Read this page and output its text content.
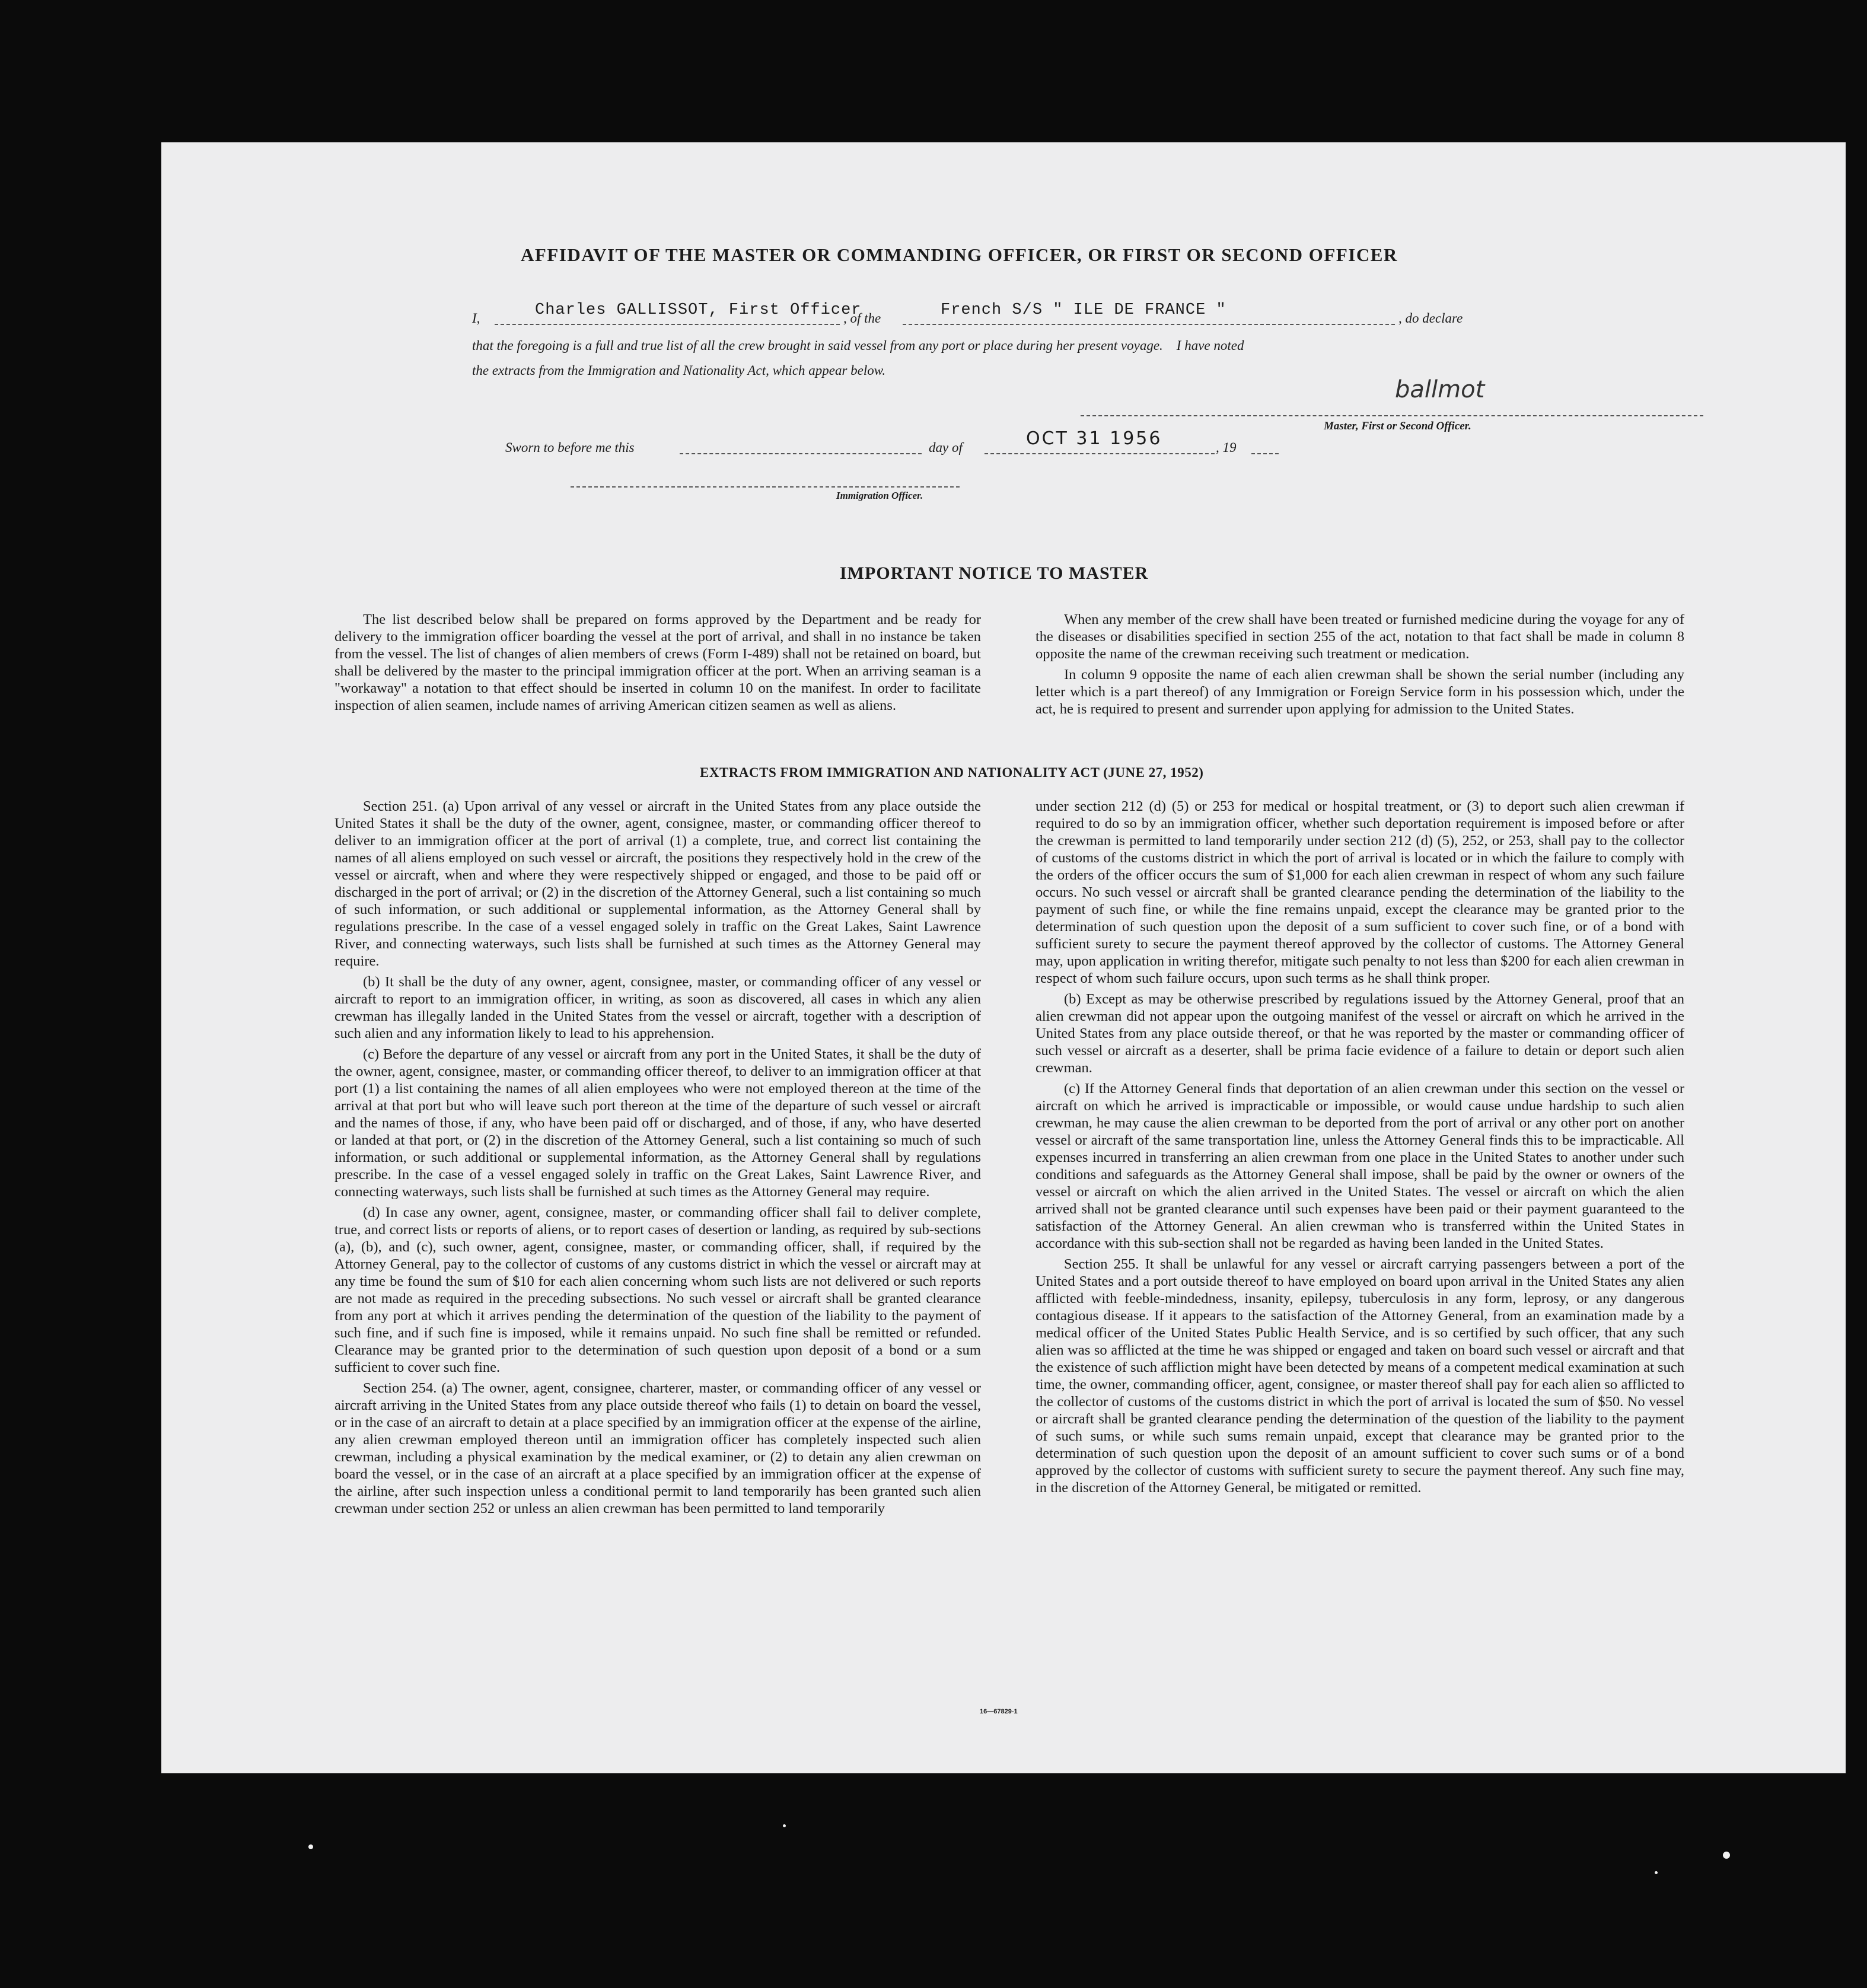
AFFIDAVIT OF THE MASTER OR COMMANDING OFFICER, OR FIRST OR SECOND OFFICER
I,	Charles GALLISSOT, First Officer
, of the	French S/S " ILE DE FRANCE "	, do declare
that the foregoing is a full and true list of all the crew brought in said vessel from any port or place during her present voyage.    I have noted
the extracts from the Immigration and Nationality Act, which appear below.
ballmot
Master, First or Second Officer.
Sworn to before me this	day of	OCT 31 1956	, 19
Immigration Officer.
IMPORTANT NOTICE TO MASTER

The list described below shall be prepared on forms approved by the Department and be ready for delivery to the immigration officer boarding the vessel at the port of arrival, and shall in no instance be taken from the vessel. The list of changes of alien members of crews (Form I-489) shall not be retained on board, but shall be delivered by the master to the principal immigration officer at the port. When an arriving seaman is a "workaway" a notation to that effect should be inserted in column 10 on the manifest. In order to facilitate inspection of alien seamen, include names of arriving American citizen seamen as well as aliens.

When any member of the crew shall have been treated or furnished medicine during the voyage for any of the diseases or disabilities specified in section 255 of the act, notation to that fact shall be made in column 8 opposite the name of the crewman receiving such treatment or medication.

In column 9 opposite the name of each alien crewman shall be shown the serial number (including any letter which is a part thereof) of any Immigration or Foreign Service form in his possession which, under the act, he is required to present and surrender upon applying for admission to the United States.

EXTRACTS FROM IMMIGRATION AND NATIONALITY ACT (JUNE 27, 1952)

Section 251. (a) Upon arrival of any vessel or aircraft in the United States from any place outside the United States it shall be the duty of the owner, agent, consignee, master, or commanding officer thereof to deliver to an immigration officer at the port of arrival (1) a complete, true, and correct list containing the names of all aliens employed on such vessel or aircraft, the positions they respectively hold in the crew of the vessel or aircraft, when and where they were respectively shipped or engaged, and those to be paid off or discharged in the port of arrival; or (2) in the discretion of the Attorney General, such a list containing so much of such information, or such additional or supplemental information, as the Attorney General shall by regulations prescribe. In the case of a vessel engaged solely in traffic on the Great Lakes, Saint Lawrence River, and connecting waterways, such lists shall be furnished at such times as the Attorney General may require.

(b) It shall be the duty of any owner, agent, consignee, master, or commanding officer of any vessel or aircraft to report to an immigration officer, in writing, as soon as discovered, all cases in which any alien crewman has illegally landed in the United States from the vessel or aircraft, together with a description of such alien and any information likely to lead to his apprehension.

(c) Before the departure of any vessel or aircraft from any port in the United States, it shall be the duty of the owner, agent, consignee, master, or commanding officer thereof, to deliver to an immigration officer at that port (1) a list containing the names of all alien employees who were not employed thereon at the time of the arrival at that port but who will leave such port thereon at the time of the departure of such vessel or aircraft and the names of those, if any, who have been paid off or discharged, and of those, if any, who have deserted or landed at that port, or (2) in the discretion of the Attorney General, such a list containing so much of such information, or such additional or supplemental information, as the Attorney General shall by regulations prescribe. In the case of a vessel engaged solely in traffic on the Great Lakes, Saint Lawrence River, and connecting waterways, such lists shall be furnished at such times as the Attorney General may require.

(d) In case any owner, agent, consignee, master, or commanding officer shall fail to deliver complete, true, and correct lists or reports of aliens, or to report cases of desertion or landing, as required by sub-sections (a), (b), and (c), such owner, agent, consignee, master, or commanding officer, shall, if required by the Attorney General, pay to the collector of customs of any customs district in which the vessel or aircraft may at any time be found the sum of $10 for each alien concerning whom such lists are not delivered or such reports are not made as required in the preceding subsections. No such vessel or aircraft shall be granted clearance from any port at which it arrives pending the determination of the question of the liability to the payment of such fine, and if such fine is imposed, while it remains unpaid. No such fine shall be remitted or refunded. Clearance may be granted prior to the determination of such question upon deposit of a bond or a sum sufficient to cover such fine.

Section 254. (a) The owner, agent, consignee, charterer, master, or commanding officer of any vessel or aircraft arriving in the United States from any place outside thereof who fails (1) to detain on board the vessel, or in the case of an aircraft to detain at a place specified by an immigration officer at the expense of the airline, any alien crewman employed thereon until an immigration officer has completely inspected such alien crewman, including a physical examination by the medical examiner, or (2) to detain any alien crewman on board the vessel, or in the case of an aircraft at a place specified by an immigration officer at the expense of the airline, after such inspection unless a conditional permit to land temporarily has been granted such alien crewman under section 252 or unless an alien crewman has been permitted to land temporarily

under section 212 (d) (5) or 253 for medical or hospital treatment, or (3) to deport such alien crewman if required to do so by an immigration officer, whether such deportation requirement is imposed before or after the crewman is permitted to land temporarily under section 212 (d) (5), 252, or 253, shall pay to the collector of customs of the customs district in which the port of arrival is located or in which the failure to comply with the orders of the officer occurs the sum of $1,000 for each alien crewman in respect of whom any such failure occurs. No such vessel or aircraft shall be granted clearance pending the determination of the liability to the payment of such fine, or while the fine remains unpaid, except the clearance may be granted prior to the determination of such question upon the deposit of a sum sufficient to cover such fine, or of a bond with sufficient surety to secure the payment thereof approved by the collector of customs. The Attorney General may, upon application in writing therefor, mitigate such penalty to not less than $200 for each alien crewman in respect of whom such failure occurs, upon such terms as he shall think proper.

(b) Except as may be otherwise prescribed by regulations issued by the Attorney General, proof that an alien crewman did not appear upon the outgoing manifest of the vessel or aircraft on which he arrived in the United States from any place outside thereof, or that he was reported by the master or commanding officer of such vessel or aircraft as a deserter, shall be prima facie evidence of a failure to detain or deport such alien crewman.

(c) If the Attorney General finds that deportation of an alien crewman under this section on the vessel or aircraft on which he arrived is impracticable or impossible, or would cause undue hardship to such alien crewman, he may cause the alien crewman to be deported from the port of arrival or any other port on another vessel or aircraft of the same transportation line, unless the Attorney General finds this to be impracticable. All expenses incurred in transferring an alien crewman from one place in the United States to another under such conditions and safeguards as the Attorney General shall impose, shall be paid by the owner or owners of the vessel or aircraft on which the alien arrived in the United States. The vessel or aircraft on which the alien arrived shall not be granted clearance until such expenses have been paid or their payment guaranteed to the satisfaction of the Attorney General. An alien crewman who is transferred within the United States in accordance with this sub-section shall not be regarded as having been landed in the United States.

Section 255. It shall be unlawful for any vessel or aircraft carrying passengers between a port of the United States and a port outside thereof to have employed on board upon arrival in the United States any alien afflicted with feeble-mindedness, insanity, epilepsy, tuberculosis in any form, leprosy, or any dangerous contagious disease. If it appears to the satisfaction of the Attorney General, from an examination made by a medical officer of the United States Public Health Service, and is so certified by such officer, that any such alien was so afflicted at the time he was shipped or engaged and taken on board such vessel or aircraft and that the existence of such affliction might have been detected by means of a competent medical examination at such time, the owner, commanding officer, agent, consignee, or master thereof shall pay for each alien so afflicted to the collector of customs of the customs district in which the port of arrival is located the sum of $50. No vessel or aircraft shall be granted clearance pending the determination of the question of the liability to the payment of such sums, or while such sums remain unpaid, except that clearance may be granted prior to the determination of such question upon the deposit of an amount sufficient to cover such sums or of a bond approved by the collector of customs with sufficient surety to secure the payment thereof. Any such fine may, in the discretion of the Attorney General, be mitigated or remitted.

16—67829-1
